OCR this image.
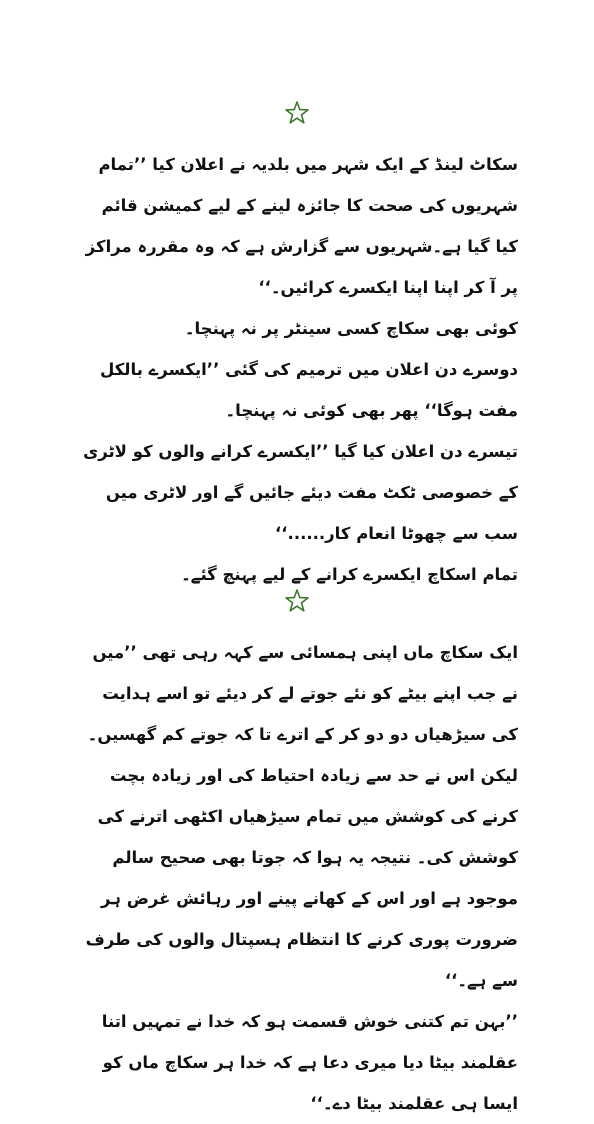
سکاٹ لینڈ کے ایک شہر میں بلدیہ نے اعلان کیا ’’تمام شہریوں کی صحت کا جائزہ لینے کے لیے کمیشن قائم کیا گیا ہے۔شہریوں سے گزارش ہے کہ وہ مقررہ مراکز پر آ کر اپنا اپنا ایکسرے کرائیں۔‘‘

کوئی بھی سکاچ کسی سینٹر پر نہ پہنچا۔

دوسرے دن اعلان میں ترمیم کی گئی ’’ایکسرے بالکل مفت ہوگا‘‘ پھر بھی کوئی نہ پہنچا۔

تیسرے دن اعلان کیا گیا ’’ایکسرے کرانے والوں کو لاٹری کے خصوصی ٹکٹ مفت دیئے جائیں گے اور لاٹری میں سب سے چھوٹا انعام کار......‘‘

تمام اسکاچ ایکسرے کرانے کے لیے پہنچ گئے۔

ایک سکاچ ماں اپنی ہمسائی سے کہہ رہی تھی ’’میں نے جب اپنے بیٹے کو نئے جوتے لے کر دیئے تو اسے ہدایت کی سیڑھیاں دو دو کر کے اترے تا کہ جوتے کم گھسیں۔لیکن اس نے حد سے زیادہ احتیاط کی اور زیادہ بچت کرنے کی کوشش میں تمام سیڑھیاں اکٹھی اترنے کی کوشش کی۔ نتیجہ یہ ہوا کہ جوتا بھی صحیح سالم موجود ہے اور اس کے کھانے پینے اور رہائش غرض ہر ضرورت پوری کرنے کا انتظام ہسپتال والوں کی طرف سے ہے۔‘‘

’’بہن تم کتنی خوش قسمت ہو کہ خدا نے تمہیں اتنا عقلمند بیٹا دیا میری دعا ہے کہ خدا ہر سکاچ ماں کو ایسا ہی عقلمند بیٹا دے۔‘‘
